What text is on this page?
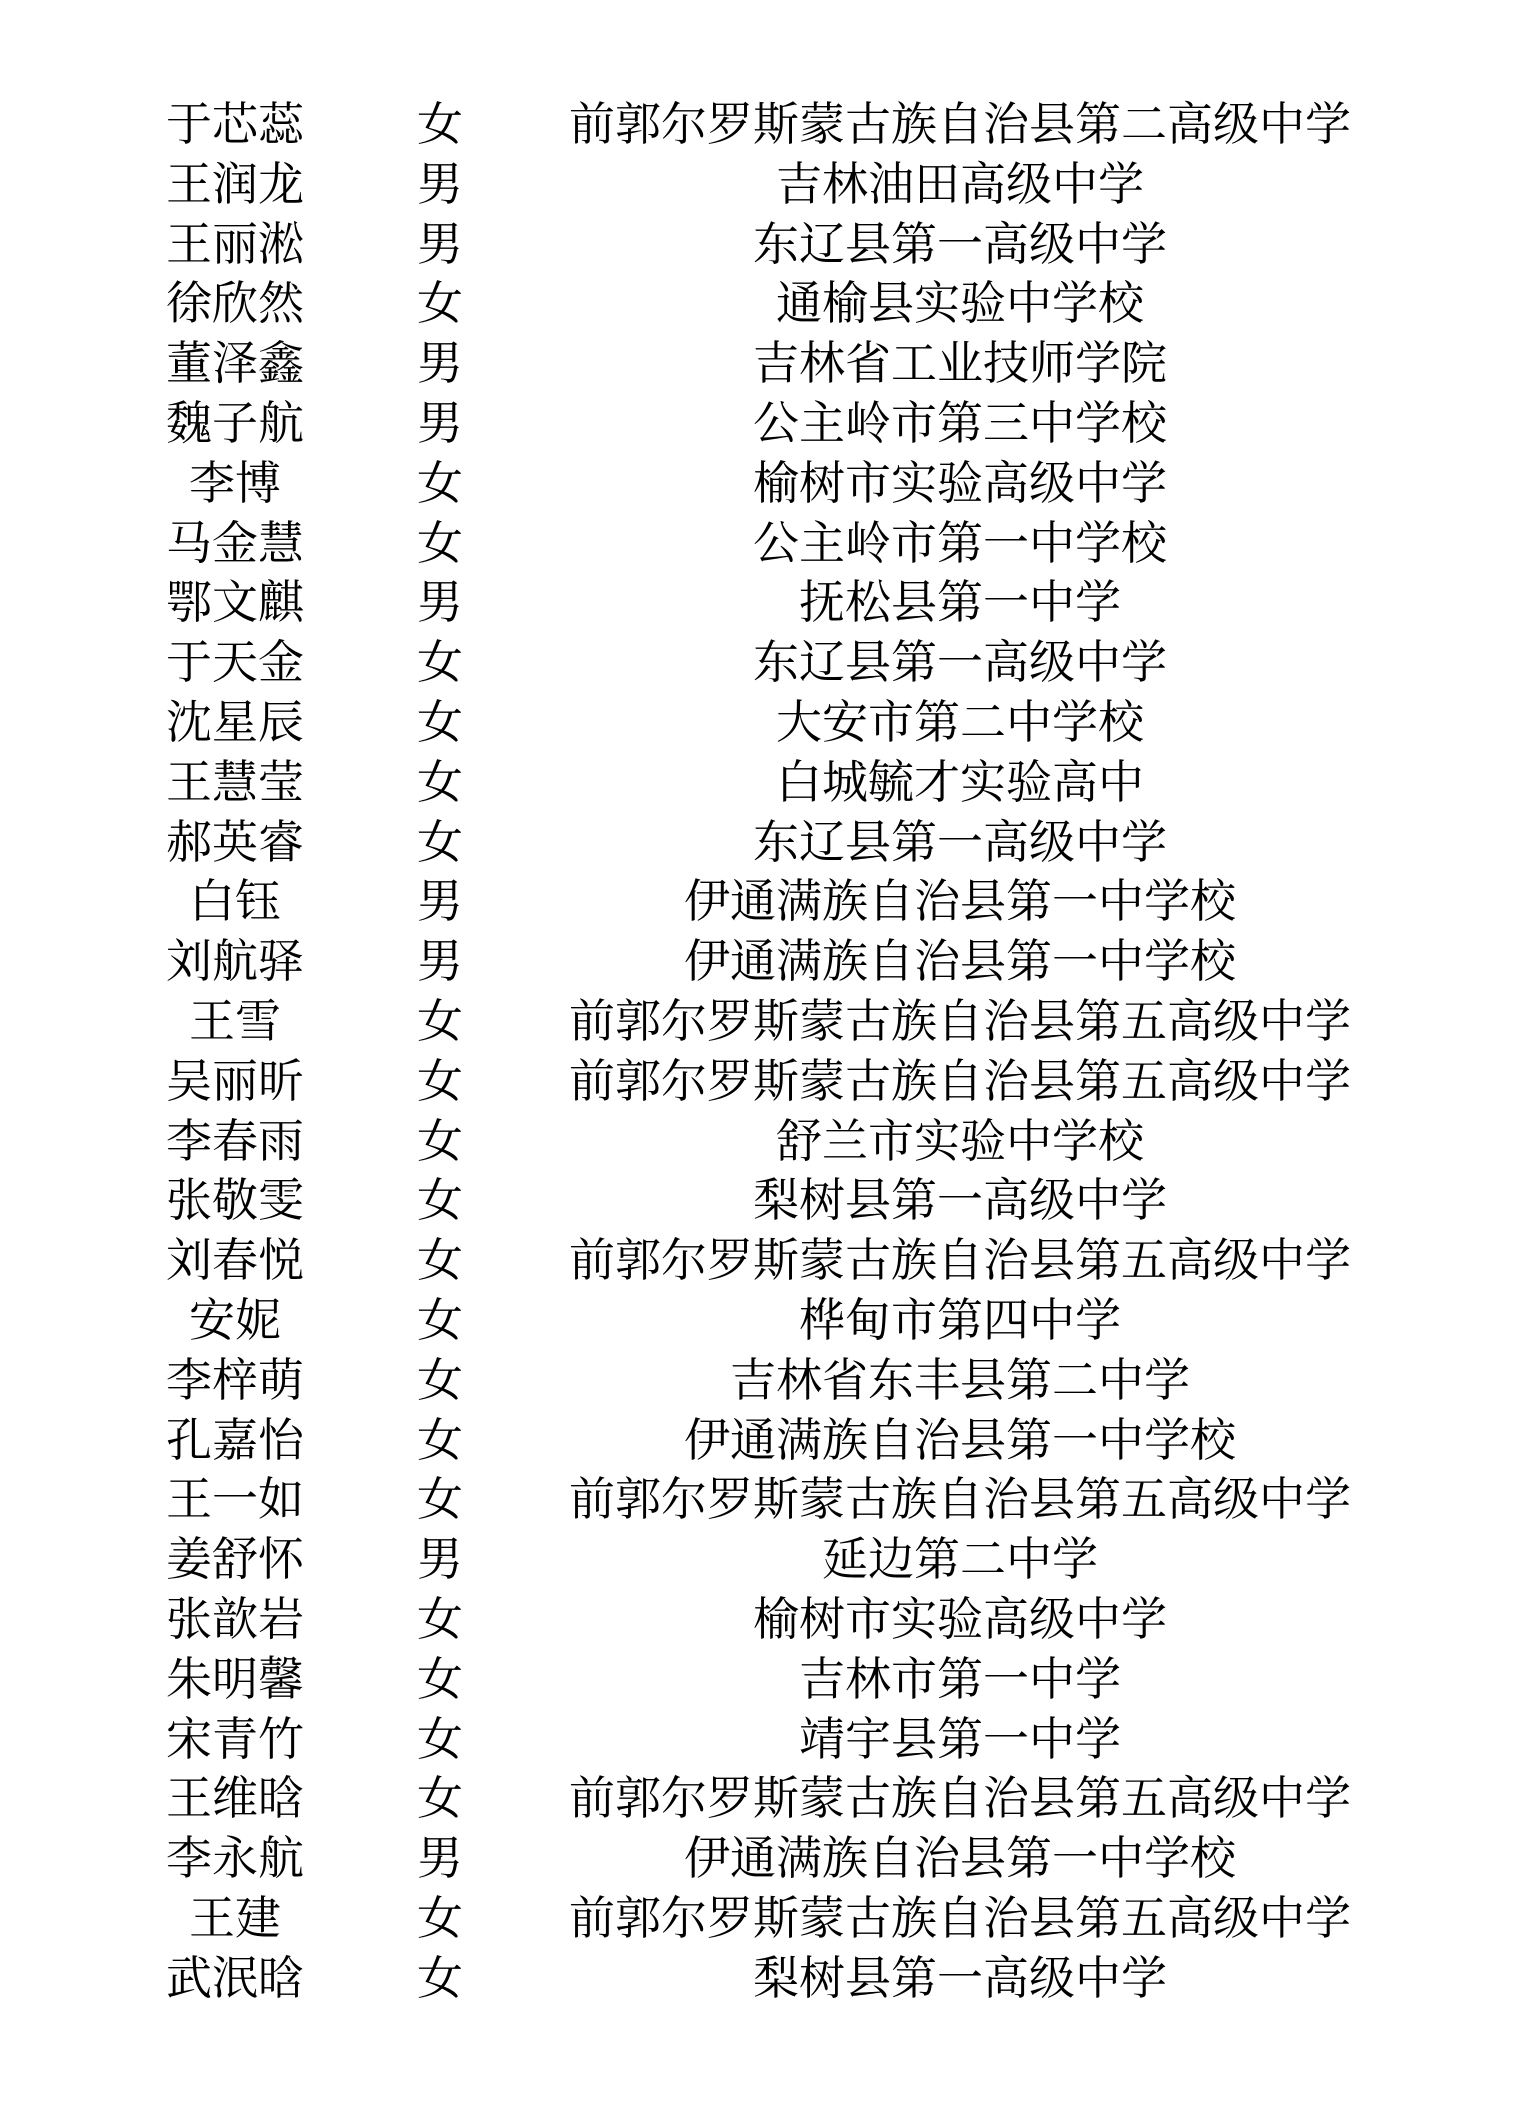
于芯蕊	女	前郭尔罗斯蒙古族自治县第二高级中学
王润龙	男	吉林油田高级中学
王丽淞	男	东辽县第一高级中学
徐欣然	女	通榆县实验中学校
董泽鑫	男	吉林省工业技师学院
魏子航	男	公主岭市第三中学校
李博	女	榆树市实验高级中学
马金慧	女	公主岭市第一中学校
鄂文麒	男	抚松县第一中学
于天金	女	东辽县第一高级中学
沈星辰	女	大安市第二中学校
王慧莹	女	白城毓才实验高中
郝英睿	女	东辽县第一高级中学
白钰	男	伊通满族自治县第一中学校
刘航驿	男	伊通满族自治县第一中学校
王雪	女	前郭尔罗斯蒙古族自治县第五高级中学
吴丽昕	女	前郭尔罗斯蒙古族自治县第五高级中学
李春雨	女	舒兰市实验中学校
张敬雯	女	梨树县第一高级中学
刘春悦	女	前郭尔罗斯蒙古族自治县第五高级中学
安妮	女	桦甸市第四中学
李梓萌	女	吉林省东丰县第二中学
孔嘉怡	女	伊通满族自治县第一中学校
王一如	女	前郭尔罗斯蒙古族自治县第五高级中学
姜舒怀	男	延边第二中学
张歆岩	女	榆树市实验高级中学
朱明馨	女	吉林市第一中学
宋青竹	女	靖宇县第一中学
王维晗	女	前郭尔罗斯蒙古族自治县第五高级中学
李永航	男	伊通满族自治县第一中学校
王建	女	前郭尔罗斯蒙古族自治县第五高级中学
武泯晗	女	梨树县第一高级中学
